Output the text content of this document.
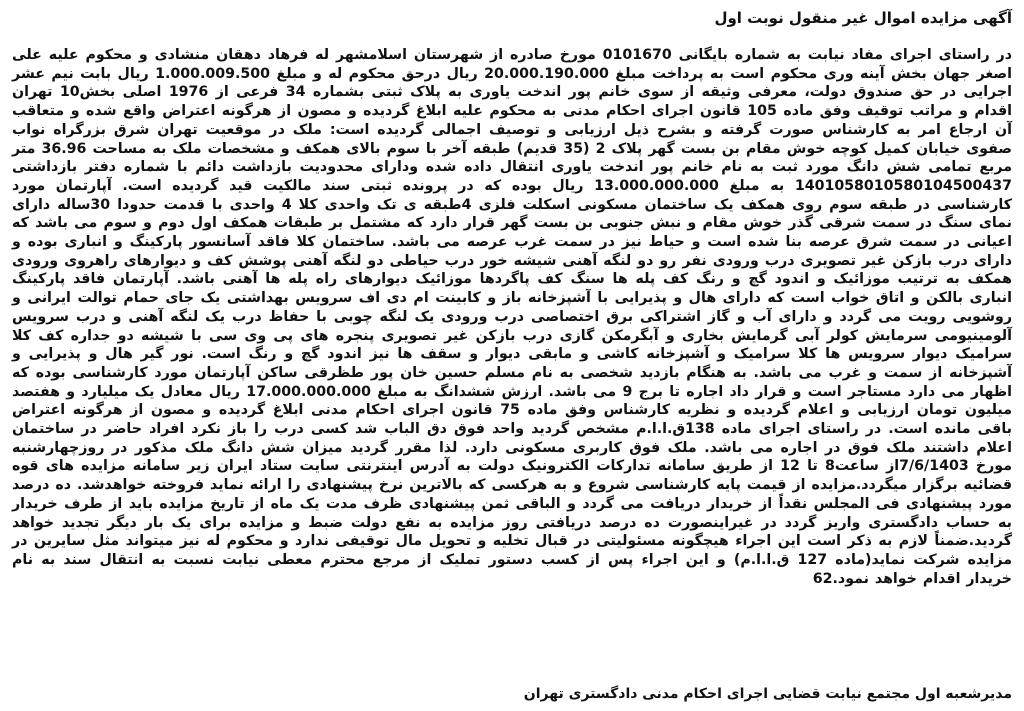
آگهی مزایده اموال غیر منقول نوبت اول

در راستای اجرای مفاد نیابت به شماره بایگانی 0101670 مورخ صادره از شهرستان اسلامشهر له فرهاد دهقان منشادی و محکوم علیه علی اصغر جهان بخش آینه وری محکوم است به پرداخت مبلغ 20.000.190.000 ریال درحق محکوم له و مبلغ 1.000.009.500 ریال بابت نیم عشر اجرایی در حق صندوق دولت، معرفی وثیقه از سوی خانم پور اندخت یاوری به پلاک ثبتی بشماره 34 فرعی از 1976 اصلی بخش10 تهران اقدام و مراتب توقیف وفق ماده 105 قانون اجرای احکام مدنی به محکوم علیه ابلاغ گردیده و مصون از هرگونه اعتراض واقع شده و متعاقب آن ارجاع امر به کارشناس صورت گرفته و بشرح ذیل ارزیابی و توصیف اجمالی گردیده است: ملک در موقعیت تهران شرق بزرگراه نواب صفوی خیابان کمیل کوچه خوش مقام بن بست گهر پلاک 2 (35 قدیم) طبقه آخر با سوم بالای همکف و مشخصات ملک به مساحت 36.96 متر مربع تمامی شش دانگ مورد ثبت به نام خانم پور اندخت یاوری انتقال داده شده ودارای محدودیت بازداشت دائم با شماره دفتر بازداشتی 1401058010580104500437 به مبلغ 13.000.000.000 ریال بوده که در پرونده ثبتی سند مالکیت قید گردیده است. آپارتمان مورد کارشناسی در طبقه سوم روی همکف یک ساختمان مسکونی اسکلت فلزی 4طبقه ی تک واحدی کلا 4 واحدی با قدمت حدودا 30ساله دارای نمای سنگ در سمت شرقی گذر خوش مقام و نبش جنوبی بن بست گهر قرار دارد که مشتمل بر طبقات همکف اول دوم و سوم می باشد که اعیانی در سمت شرق عرصه بنا شده است و حیاط نیز در سمت غرب عرصه می باشد. ساختمان کلا فاقد آسانسور پارکینگ و انباری بوده و دارای درب بازکن غیر تصویری درب ورودی نفر رو دو لنگه آهنی شیشه خور درب حیاطی دو لنگه آهنی پوشش کف و دیوارهای راهروی ورودی همکف به ترتیب موزائیک و اندود گچ و رنگ کف پله ها سنگ کف پاگردها موزائیک دیوارهای راه پله ها آهنی باشد. آپارتمان فاقد پارکینگ انباری بالکن و اتاق خواب است که دارای هال و پذیرایی با آشپزخانه باز و کابینت ام دی اف سرویس بهداشتی یک جای حمام توالت ایرانی و روشویی رویت می گردد و دارای آب و گاز اشتراکی برق اختصاصی درب ورودی یک لنگه چوبی با حفاظ درب یک لنگه آهنی و درب سرویس آلومینیومی سرمایش کولر آبی گرمایش بخاری و آبگرمکن گازی درب بازکن غیر تصویری پنجره های پی وی سی با شیشه دو جداره کف کلا سرامیک دیوار سرویس ها کلا سرامیک و آشپزخانه کاشی و مابقی دیوار و سقف ها نیز اندود گچ و رنگ است. نور گیر هال و پذیرایی و آشپزخانه از سمت و غرب می باشد. به هنگام بازدید شخصی به نام مسلم حسین خان پور طظرقی ساکن آپارتمان مورد کارشناسی بوده که اظهار می دارد مستاجر است و قرار داد اجاره تا برج 9 می باشد. ارزش ششدانگ به مبلغ 17.000.000.000 ریال معادل یک میلیارد و هفتصد میلیون تومان ارزیابی و اعلام گردیده و نظریه کارشناس وفق ماده 75 قانون اجرای احکام مدنی ابلاغ گردیده و مصون از هرگونه اعتراض باقی مانده است. در راستای اجرای ماده 138ق.ا.ا.م مشخص گردید واحد فوق دق الباب شد کسی درب را باز نکرد افراد حاضر در ساختمان اعلام داشتند ملک فوق در اجاره می باشد. ملک فوق کاربری مسکونی دارد. لذا مقرر گردید میزان شش دانگ ملک مذکور در روزچهارشنبه مورخ 7/6/1403از ساعت8 تا 12 از طریق سامانه تدارکات الکترونیک دولت به آدرس اینترنتی سایت ستاد ایران زیر سامانه مزایده های قوه قضائیه برگزار میگردد.مزایده از قیمت پایه کارشناسی شروع و به هرکسی که بالاترین نرخ پیشنهادی را ارائه نماید فروخته خواهدشد. ده درصد مورد پیشنهادی فی المجلس نقداً از خریدار دریافت می گردد و الباقی ثمن پیشنهادی ظرف مدت یک ماه از تاریخ مزایده باید از طرف خریدار به حساب دادگستری واریز گردد در غیراینصورت ده درصد دریافتی روز مزایده به نفع دولت ضبط و مزایده برای یک بار دیگر تجدید خواهد گردید.ضمناً لازم به ذکر است این اجراء هیچگونه مسئولیتی در قبال تخلیه و تحویل مال توقیفی ندارد و محکوم له نیز میتواند مثل سایرین در مزایده شرکت نماید(ماده 127 ق.ا.ا.م) و این اجراء پس از کسب دستور تملیک از مرجع محترم معطی نیابت نسبت به انتقال سند به نام خریدار اقدام خواهد نمود.62

مدیرشعبه اول مجتمع نیابت قضایی اجرای احکام مدنی دادگستری تهران
